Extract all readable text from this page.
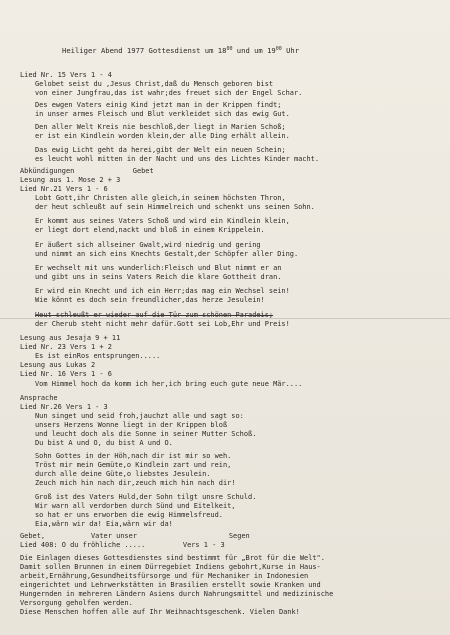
Heiliger Abend 1977 Gottesdienst um $18^{00}$ und um $19^{00}$ Uhr

Lied Nr. 15 Vers 1 - 4

Gelobet seist du ,Jesus Christ,daß du Mensch geboren bist

von einer Jungfrau,das ist wahr;des freuet sich der Engel Schar.

Des ewgen Vaters einig Kind jetzt man in der Krippen findt;

in unser armes Fleisch und Blut verkleidet sich das ewig Gut.

Den aller Welt Kreis nie beschloß,der liegt in Marien Schoß;

er ist ein Kindlein worden klein,der alle Ding erhält allein.

Das ewig Licht geht da herei,gibt der Welt ein neuen Schein;

es leucht wohl mitten in der Nacht und uns des Lichtes Kinder macht.

Abkündigungen              Gebet

Lesung aus 1. Mose 2 + 3

Lied Nr.21 Vers 1 - 6

Lobt Gott,ihr Christen alle gleich,in seinem höchsten Thron,

der heut schleußt auf sein Himmelreich und schenkt uns seinen Sohn.

Er kommt aus seines Vaters Schoß und wird ein Kindlein klein,

er liegt dort elend,nackt und bloß in einem Krippelein.

Er äußert sich allseiner Gwalt,wird niedrig und gering

und nimmt an sich eins Knechts Gestalt,der Schöpfer aller Ding.

Er wechselt mit uns wunderlich:Fleisch und Blut nimmt er an

und gibt uns in seins Vaters Reich die klare Gottheit dran.

Er wird ein Knecht und ich ein Herr;das mag ein Wechsel sein!

Wie könnt es doch sein freundlicher,das herze Jesulein!

Heut schleußt er wieder auf die Tür zum schönen Paradeis;

der Cherub steht nicht mehr dafür.Gott sei Lob,Ehr und Preis!

Lesung aus Jesaja 9 + 11

Lied Nr. 23 Vers 1 + 2

Es ist einRos entsprungen.....

Lesung aus Lukas 2

Lied Nr. 16 Vers 1 - 6

Vom Himmel hoch da komm ich her,ich bring euch gute neue Mär....

Ansprache

Lied Nr.26 Vers 1 - 3

Nun singet und seid froh,jauchzt alle und sagt so:

unsers Herzens Wonne liegt in der Krippen bloß

und leucht doch als die Sonne in seiner Mutter Schoß.

Du bist A und O, du bist A und O.

Sohn Gottes in der Höh,nach dir ist mir so weh.

Tröst mir mein Gemüte,o Kindlein zart und rein,

durch alle deine Güte,o liebstes Jesulein.

Zeuch mich hin nach dir,zeuch mich hin nach dir!

Groß ist des Vaters Huld,der Sohn tilgt unsre Schuld.

Wir warn all verdorben durch Sünd und Eitelkeit,

so hat er uns erworben die ewig Himmelsfreud.

Eia,wärn wir da! Eia,wärn wir da!

Gebet,           Vater unser                      Segen

Lied 408: O du fröhliche .....         Vers 1 - 3

Die Einlagen dieses Gottesdienstes sind bestimmt für „Brot für die Welt".

Damit sollen Brunnen in einem Dürregebiet Indiens gebohrt,Kurse in Haus-

arbeit,Ernährung,Gesundheitsfürsorge und für Mechaniker in Indonesien

eingerichtet und Lehrwerkstätten in Brasilien erstellt sowie Kranken und

Hungernden in mehreren Ländern Asiens durch Nahrungsmittel und medizinische

Versorgung geholfen werden.

Diese Menschen hoffen alle auf Ihr Weihnachtsgeschenk. Vielen Dank!
